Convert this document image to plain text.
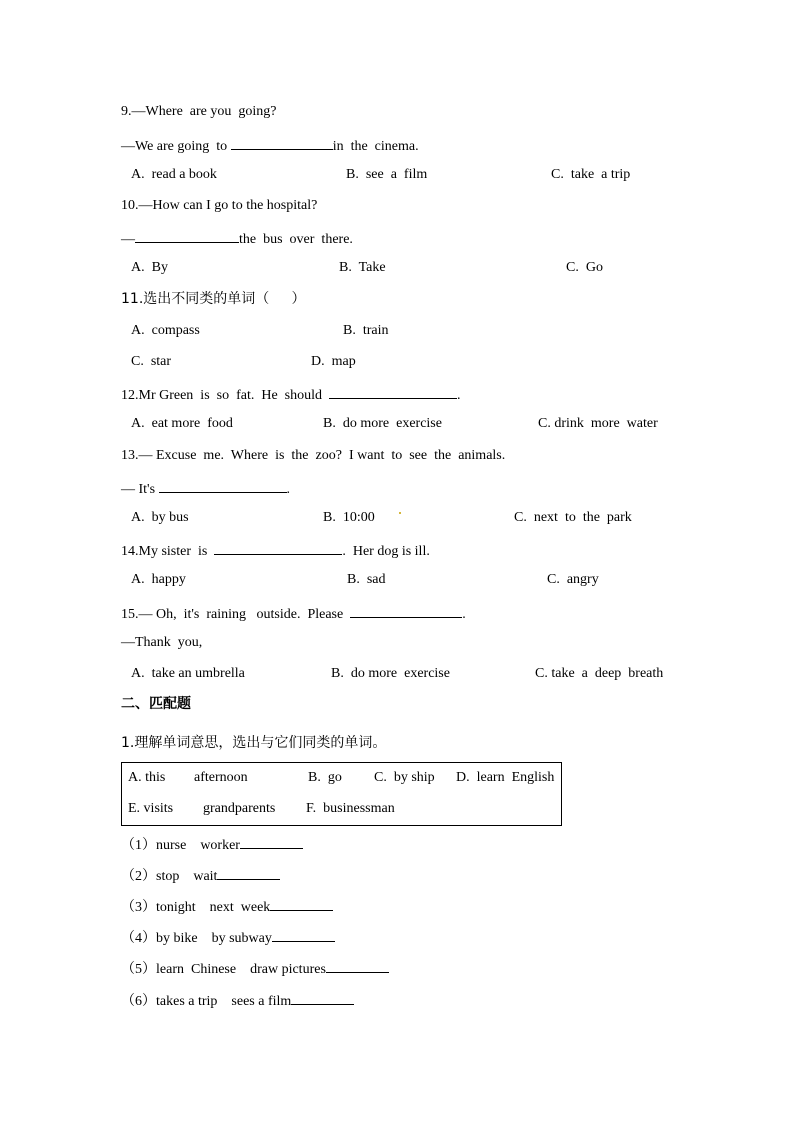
9.—Where  are you  going?
—We are going  to	in  the  cinema.
A.  read a book	B.  see  a  film	C.  take  a trip
10.—How can I go to the hospital?
—	the  bus  over  there.
A.  By	B.  Take	C.  Go
11.选出不同类的单词（     ）
A.  compass	B.  train
C.  star	D.  map
12.Mr Green  is  so  fat.  He  should	.
A.  eat more  food	B.  do more  exercise	C. drink  more  water
13.— Excuse  me.  Where  is  the  zoo?  I want  to  see  the  animals.
— It's	.
A.  by bus	B.  10:00	C.  next  to  the  park
14.My sister  is	.  Her dog is ill.
A.  happy	B.  sad	C.  angry
15.— Oh,  it's  raining   outside.  Please	.
—Thank  you,
A.  take an umbrella	B.  do more  exercise	C. take  a  deep  breath
二、匹配题
1.理解单词意思，选出与它们同类的单词。
A. this afternoon	B.  go C.  by ship D.  learn  English
E. visits grandparents F.  businessman
（1）nurse    worker
（2）stop    wait
（3）tonight    next  week
（4）by bike    by subway
（5）learn  Chinese    draw pictures
（6）takes a trip    sees a film
